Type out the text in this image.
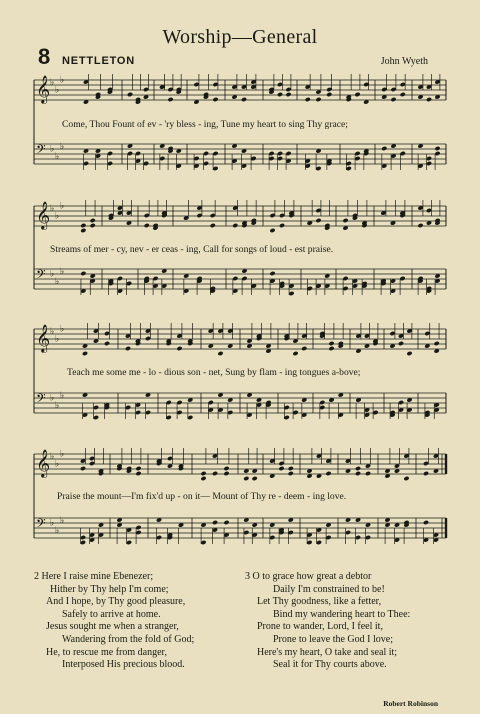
Worship—General
8 NETTLETON	John Wyeth
𝄞 ♭
♭
♭
𝄢 ♭
♭
♭
𝄞 ♭
♭
♭
𝄢 ♭
♭
♭
𝄞 ♭
♭
♭
𝄢 ♭
♭
♭
𝄞 ♭
♭
♭
𝄢 ♭
♭
♭
Come, Thou Fount of ev - 'ry bless - ing, Tune my heart to sing Thy grace;
Streams of mer - cy, nev - er ceas - ing, Call for songs of loud - est praise.
Teach me some me - lo - dious son - net, Sung by flam - ing tongues a-bove;
Praise the mount—I'm fix'd up - on it— Mount of Thy re - deem - ing love.
2 Here I raise mine Ebenezer;
Hither by Thy help I'm come;
And I hope, by Thy good pleasure,
Safely to arrive at home.
Jesus sought me when a stranger,
Wandering from the fold of God;
He, to rescue me from danger,
Interposed His precious blood.
3 O to grace how great a debtor
Daily I'm constrained to be!
Let Thy goodness, like a fetter,
Bind my wandering heart to Thee:
Prone to wander, Lord, I feel it,
Prone to leave the God I love;
Here's my heart, O take and seal it;
Seal it for Thy courts above.
Robert Robinson
